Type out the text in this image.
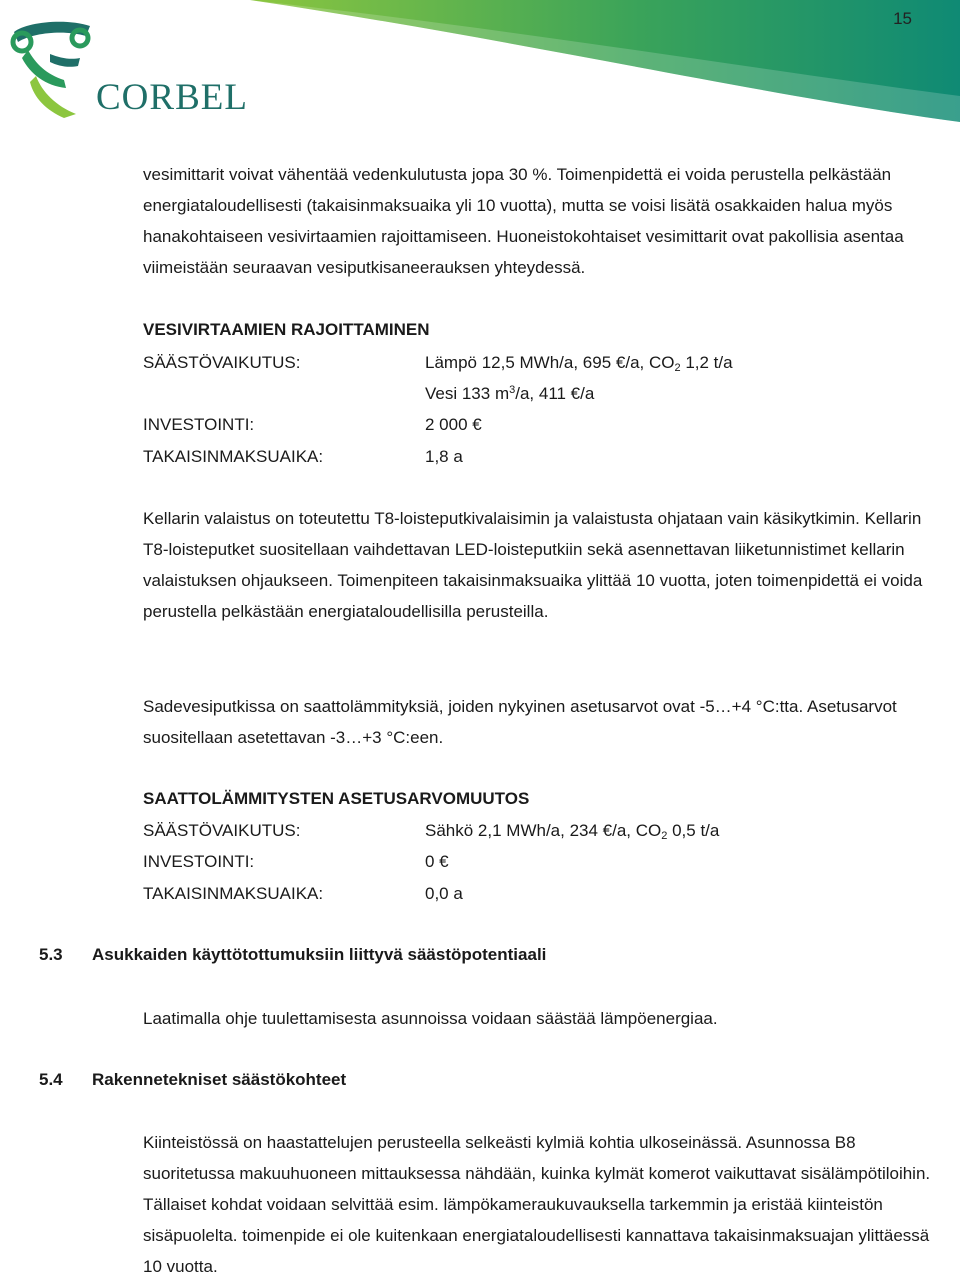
15
CORBEL

vesimittarit voivat vähentää vedenkulutusta jopa 30 %. Toimenpidettä ei voida perustella pelkästään energiataloudellisesti (takaisinmaksuaika yli 10 vuotta), mutta se voisi lisätä osakkaiden halua myös hanakohtaiseen vesivirtaamien rajoittamiseen. Huoneistokohtaiset vesimittarit ovat pakollisia asentaa viimeistään seuraavan vesiputkisaneerauksen yhteydessä.

VESIVIRTAAMIEN RAJOITTAMINEN
SÄÄSTÖVAIKUTUS:	Lämpö 12,5 MWh/a, 695 €/a, CO2 1,2 t/a
Vesi 133 $m^3/a$, 411 €/a
INVESTOINTI:	2 000 €
TAKAISINMAKSUAIKA:	1,8 a

Kellarin valaistus on toteutettu T8-loisteputkivalaisimin ja valaistusta ohjataan vain käsikytkimin. Kellarin T8-loisteputket suositellaan vaihdettavan LED-loisteputkiin sekä asennettavan liiketunnistimet kellarin valaistuksen ohjaukseen. Toimenpiteen takaisinmaksuaika ylittää 10 vuotta, joten toimenpidettä ei voida perustella pelkästään energiataloudellisilla perusteilla.

Sadevesiputkissa on saattolämmityksiä, joiden nykyinen asetusarvot ovat -5…+4 °C:tta. Asetusarvot suositellaan asetettavan -3…+3 °C:een.

SAATTOLÄMMITYSTEN ASETUSARVOMUUTOS
SÄÄSTÖVAIKUTUS:	Sähkö 2,1 MWh/a, 234 €/a, CO2 0,5 t/a
INVESTOINTI:	0 €
TAKAISINMAKSUAIKA:	0,0 a
5.3 Asukkaiden käyttötottumuksiin liittyvä säästöpotentiaali

Laatimalla ohje tuulettamisesta asunnoissa voidaan säästää lämpöenergiaa.

5.4 Rakennetekniset säästökohteet

Kiinteistössä on haastattelujen perusteella selkeästi kylmiä kohtia ulkoseinässä. Asunnossa B8 suoritetussa makuuhuoneen mittauksessa nähdään, kuinka kylmät komerot vaikuttavat sisälämpötiloihin. Tällaiset kohdat voidaan selvittää esim. lämpökameraukuvauksella tarkemmin ja eristää kiinteistön sisäpuolelta. toimenpide ei ole kuitenkaan energiataloudellisesti kannattava takaisinmaksuajan ylittäessä 10 vuotta.
